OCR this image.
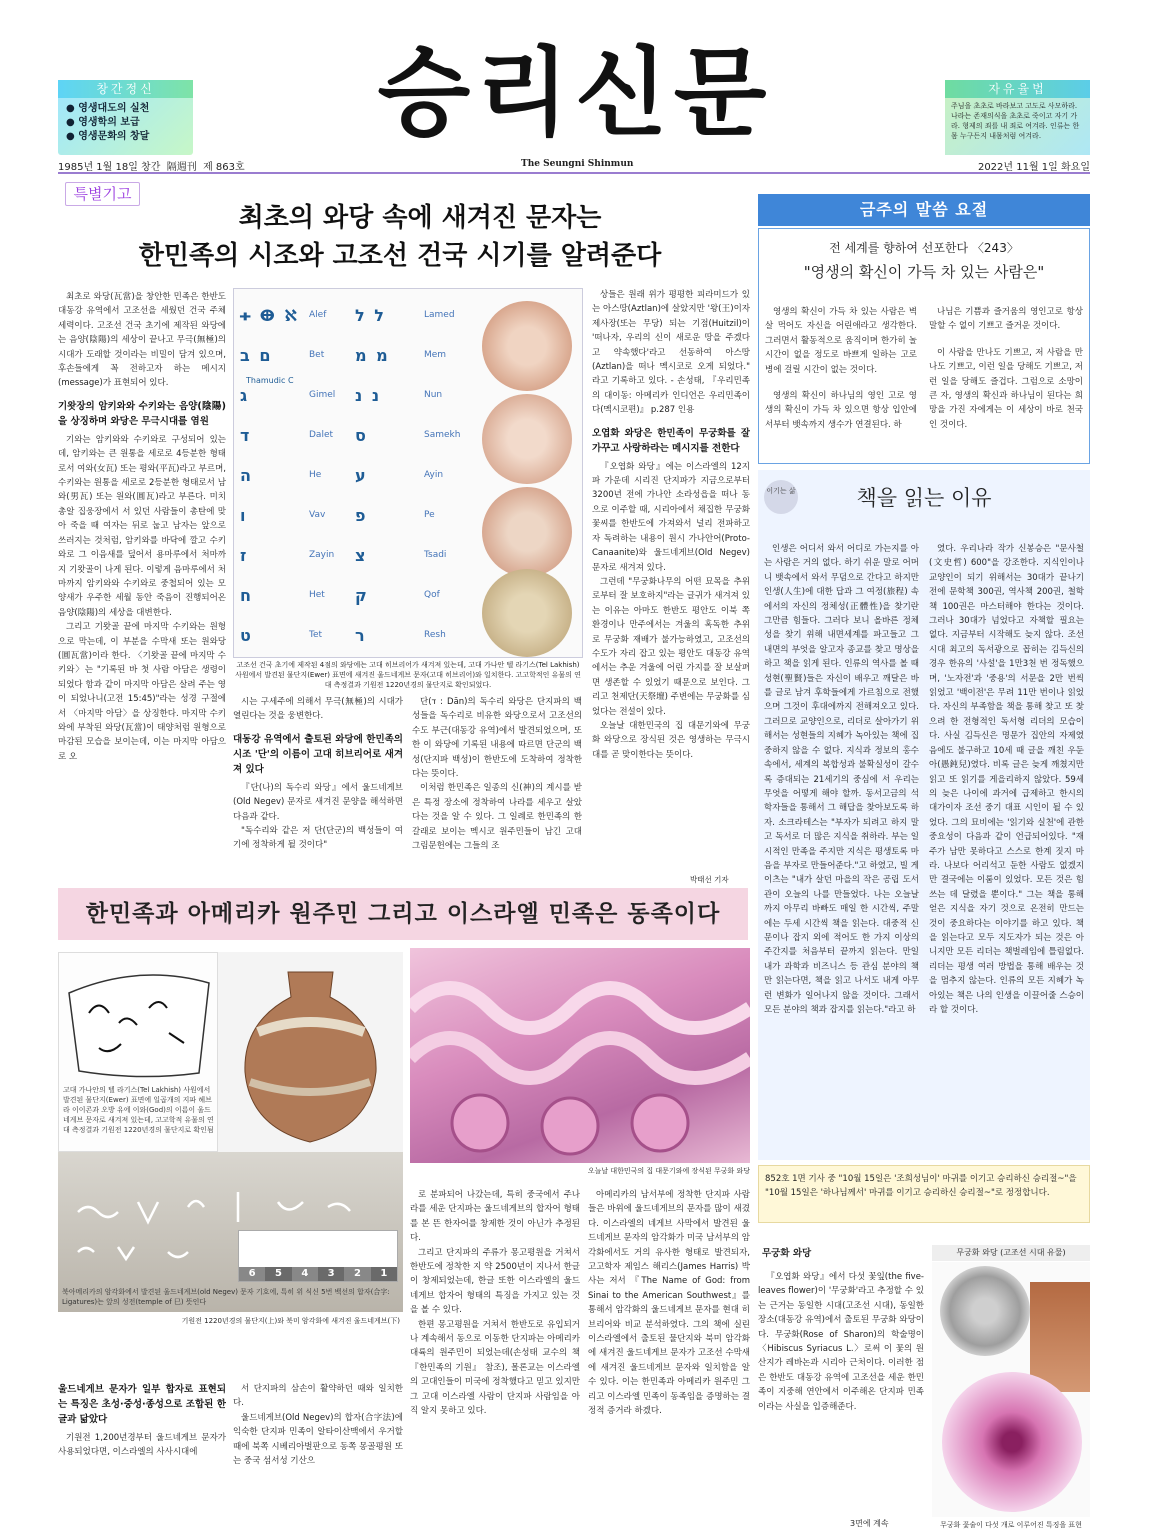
창간정신
● 영생대도의 실천
● 영생학의 보급
● 영생문화의 창달	승리신문	자유율법

주님을 초초로 바라보고 고도로 사모하라. 나라는 존재의식을 초초로 죽이고 자기 가라. 형제의 죄를 내 죄로 여겨라. 인류는 한몸 누구든지 내몸처럼 여겨라.

1985년 1월 18일 창간 隔週刊 제 863호	The Seungni Shinmun	2022년 11월 1일 화요일
특별기고
최초의 와당 속에 새겨진 문자는
한민족의 시조와 고조선 건국 시기를 알려준다

최초로 와당(瓦當)을 창안한 민족은 한반도 대동강 유역에서 고조선을 세웠던 건국 주체세력이다. 고조선 건국 초기에 제작된 와당에는 음양(陰陽)의 세상이 끝나고 무극(無極)의 시대가 도래할 것이라는 비밀이 담겨 있으며, 후손들에게 꼭 전하고자 하는 메시지(message)가 표현되어 있다.

기왓장의 암키와와 수키와는 음양(陰陽)을 상징하며 와당은 무극시대를 염원

기와는 암키와와 수키와로 구성되어 있는데, 암키와는 큰 원통을 세로로 4등분한 형태로서 여와(女瓦) 또는 평와(平瓦)라고 부르며, 수키와는 원통을 세로로 2등분한 형태로서 남와(男瓦) 또는 원와(圓瓦)라고 부른다. 미치 총알 집웅장에서 서 있던 사람들이 총탄에 맞아 죽을 때 여자는 뒤로 눕고 남자는 앞으로 쓰러지는 것처럼, 암키와를 바닥에 깔고 수키와로 그 이음새를 덮어서 용마루에서 처마까지 기왓골이 나게 된다. 이렇게 음마루에서 처마까지 암키와와 수키와로 중첩되어 있는 모양새가 우주한 세월 동안 죽음이 진행되어온 음양(陰陽)의 세상을 대변한다.

그리고 기왓골 끝에 마지막 수키와는 원형으로 막는데, 이 부분을 수막새 또는 원와당(圓瓦當)이라 한다. 〈기왓골 끝에 마지막 수키와〉는 "기록된 바 첫 사람 아담은 생령이 되었다 함과 같이 마지막 아담은 살려 주는 영이 되었나니(고전 15:45)"라는 성경 구절에서 〈마지막 아담〉을 상징한다. 마지막 수키와에 부착된 와당(瓦當)이 태양처럼 원형으로 마감된 모습을 보이는데, 이는 마지막 아담으로 오

ᚐ ⴲ ℵ	Alef	ל ל	Lamed
ם ב	Bet	מ מ	Mem
ג	Gimel	נ נ	Nun
ד	Dalet	ס	Samekh
ה	He	ע	Ayin
ו	Vav	פ	Pe
ז	Zayin	צ	Tsadi
ח	Het	ק	Qof
ט	Tet	ר	Resh
Thamudic C
고조선 건국 초기에 제작된 4점의 와당에는 고대 히브리어가 새겨져 있는데, 고대 가나안 텔 라기스(Tel Lakhish) 사원에서 발견된 물단지(Ewer) 표면에 새겨진 울드네게브 문자(고대 히브리어)와 일치한다. 고고학적인 유물의 연대 측정결과 기원전 1220년경의 물단지로 확인되었다.

시는 구세주에 의해서 무극(無極)의 시대가 열린다는 것을 웅변한다.

대동강 유역에서 출토된 와당에 한민족의 시조 '단'의 이름이 고대 히브리어로 새겨져 있다

『단(나)의 독수리 와당』에서 울드네게브(Old Negev) 문자로 새겨진 문양을 해석하면 다음과 같다.

"독수리와 같은 저 단(단군)의 백성들이 여기에 정착하게 될 것이다"

단(ד : Dān)의 독수리 와당은 단지파의 백성들을 독수리로 비유한 와당으로서 고조선의 수도 부근(대동강 유역)에서 발견되었으며, 또한 이 와당에 기록된 내용에 따르면 단군의 백성(단지파 백성)이 한반도에 도착하여 정착한다는 뜻이다.

이처럼 한민족은 일종의 신(神)의 계시를 받은 특정 장소에 정착하여 나라를 세우고 살았다는 것을 알 수 있다. 그 일례로 한민족의 한 갈래로 보이는 멕시코 원주민들이 남긴 고대 그림문헌에는 그들의 조

상들은 원래 위가 평평한 피라미드가 있는 아스땅(Aztlan)에 살았지만 '왕(王)이자 제사장(또는 무당) 되는 기점(Huitzil)이 '떠나자, 우리의 신이 새로운 땅을 주겠다고 약속했다'라고 선동하여 아스땅(Aztlan)을 떠나 멕시코로 오게 되었다." 라고 기록하고 있다. - 손성태, 『우리민족의 대이동: 아메리카 인디언은 우리민족이다(멕시코편)』 p.287 인용

오엽화 와당은 한민족이 무궁화를 잘 가꾸고 사랑하라는 메시지를 전한다

『오엽화 와당』에는 이스라엘의 12지파 가운데 시리진 단지파가 지금으로부터 3200년 전에 가나안 소라성읍을 떠나 동으로 이주할 때, 시리아에서 채집한 무궁화 꽃씨를 한반도에 가져와서 널리 전파하고자 독려하는 내용이 원시 가나안어(Proto-Canaanite)와 울드네게브(Old Negev) 문자로 새겨져 있다.

그런데 "무궁화나무의 어떤 묘목을 추위로부터 잘 보호하지"라는 글귀가 새겨져 있는 이유는 아마도 한반도 평안도 이북 쪽 환경이나 만주에서는 겨울의 혹독한 추위로 무궁화 재배가 불가능하였고, 고조선의 수도가 자리 잡고 있는 평안도 대동강 유역에서는 추운 겨울에 어린 가지를 잘 보살펴면 생존할 수 있었기 때문으로 보인다. 그리고 천제단(天祭壇) 주변에는 무궁화를 심었다는 전설이 있다.

오늘날 대한민국의 집 대문기와에 무궁화 와당으로 장식된 것은 영생하는 무극시대를 곧 맞이한다는 뜻이다.

박태선 기자
한민족과 아메리카 원주민 그리고 이스라엘 민족은 동족이다
고대 가나안의 텔 라기스(Tel Lakhish) 사원에서 발견된 물단지(Ewer) 표면에 일곱개의 지파 헤브라 이이콘과 오방 유에 이와(God)의 이름이 울드네게브 문자로 새겨져 있는데, 고고학적 유물의 연대 측정결과 기원전 1220년경의 물단지로 확인됨
6	5	4	3	2	1
북아메리카의 암각화에서 발견된 울드네게브(old Negev) 문자 기호에, 특히 위 식신 5번 백선의 합자(合字: Ligatures)는 앞의 성전(temple of 巳) 뜻인다
기원전 1220년경의 물단지(上)와 북미 암각화에 새겨진 울드네게브(下)
오늘날 대한민국의 집 대문기와에 장식된 무궁화 와당
울드네게브 문자가 일부 합자로 표현되는 특징은 초성·중성·종성으로 조합된 한글과 닮았다

기원전 1,200년경부터 울드네게브 문자가 사용되었다면, 이스라엘의 사사시대에

서 단지파의 삼손이 활약하던 때와 일치한다.

울드네게브(Old Negev)의 합자(合字法)에 익숙한 단지파 민족이 알타이산맥에서 우거할 때에 북쪽 시베리아벌판으로 동쪽 몽골평원 또는 중국 섬서성 기산으

로 분파되어 나갔는데, 특히 중국에서 주나라를 세운 단지파는 울드네게브의 합자어 형태를 본 뜬 한자어를 창제한 것이 아닌가 추정된다.

그리고 단지파의 주류가 몽고평원을 거쳐서 한반도에 정착한 지 약 2500년이 지나서 한글이 창제되었는데, 한글 또한 이스라엘의 울드네게브 합자어 형태의 특징을 가지고 있는 것을 볼 수 있다.

한편 몽고평원을 거쳐서 한반도로 유입되거나 계속해서 동으로 이동한 단지파는 아메리카대륙의 원주민이 되었는데(손성태 교수의 책 『한민족의 기원』 참조), 몰론교는 이스라엘의 고대인들이 미국에 정착했다고 믿고 있지만 그 고대 이스라엘 사람이 단지파 사람임을 아직 알지 못하고 있다.

아메리카의 남서부에 정착한 단지파 사람들은 바위에 울드네게브의 문자를 많이 새겼다. 이스라엘의 네게브 사막에서 발견된 울드네게브 문자의 암각화가 미국 남서부의 암각화에서도 거의 유사한 형태로 발견되자, 고고학자 제임스 해리스(James Harris) 박사는 저서 『The Name of God: from Sinai to the American Southwest』를 통해서 암각화의 울드네게브 문자를 현대 히브리어와 비교 분석하였다. 그의 책에 실린 이스라엘에서 출토된 물단지와 북미 암각화에 새겨진 울드네게브 문자가 고조선 수막새에 새겨진 울드네게브 문자와 일치함을 알 수 있다. 이는 한민족과 아메리카 원주민 그리고 이스라엘 민족이 동족임을 증명하는 결정적 증거라 하겠다.

금주의 말씀 요절
전 세계를 향하여 선포한다 〈243〉
"영생의 확신이 가득 차 있는 사람은"

영생의 확신이 가득 차 있는 사람은 벽 살 먹어도 자신을 어린애라고 생각한다. 그러면서 활동적으로 움직이며 한가히 놀 시간이 없을 정도로 바쁘게 일하는 고로 병에 걸릴 시간이 없는 것이다.

영생의 확신이 하나님의 영인 고로 영생의 확신이 가득 차 있으면 항상 입안에서부터 뱃속까지 생수가 연결된다. 하

나님은 기쁨과 즐거움의 영인고로 항상 말할 수 없이 기쁘고 즐거운 것이다.

이 사람을 만나도 기쁘고, 저 사람을 만나도 기쁘고, 이런 일을 당해도 기쁘고, 저런 일을 당해도 즐겁다. 그럼으로 소망이 큰 자, 영생의 확신과 하나님이 된다는 희망을 가진 자에게는 이 세상이 바로 천국인 것이다.

이기는 삶	책을 읽는 이유

인생은 어디서 와서 어디로 가는지를 아는 사람은 거의 없다. 하기 쉬운 말로 어머니 뱃속에서 와서 무덤으로 간다고 하지만 인생(人生)에 대한 답과 그 여정(旅程) 속에서의 자신의 정체성(正體性)을 찾기란 그만큼 힘들다. 그러다 보니 올바른 정체성을 찾기 위해 내면세계를 파고들고 그 내면의 부엇을 알고자 종교를 찾고 명상을 하고 책을 읽게 된다. 인류의 역사를 볼 때 성현(聖賢)들은 자신이 배우고 깨달은 바를 글로 남겨 후학들에게 가르침으로 전했으며 그것이 후대에까지 전해져오고 있다. 그러므로 교양인으로, 리더로 살아가기 위해서는 성현들의 지혜가 녹아있는 책에 집중하지 않을 수 없다. 지식과 정보의 홍수 속에서, 세계의 복합성과 불확실성이 갈수록 증대되는 21세기의 중심에 서 우리는 무엇을 어떻게 해야 할까. 동서고금의 석학자들을 통해서 그 해답을 찾아보도록 하자. 소크라테스는 "부자가 되려고 하지 말고 독서로 더 많은 지식을 취하라. 부는 일시적인 만족을 주지만 지식은 평생토록 마음을 부자로 만들어준다."고 하였고, 빌 게이츠는 "내가 살던 마을의 작은 공립 도서관이 오늘의 나를 만들었다. 나는 오늘날까지 아무리 바빠도 매일 한 시간씩, 주말에는 두세 시간씩 책을 읽는다. 대중적 신문이나 잡지 외에 적어도 한 가지 이상의 주간지를 처음부터 끝까지 읽는다. 만일 내가 과학과 비즈니스 등 관심 분야의 책만 읽는다면, 책을 읽고 나서도 내게 아무런 변화가 일어나지 않을 것이다. 그래서 모든 분야의 책과 잡지를 읽는다."라고 하

였다. 우리나라 작가 신봉승은 "문사철(文史哲) 600"을 강조한다. 지식인이나 교양인이 되기 위해서는 30대가 끝나기 전에 문학책 300권, 역사책 200권, 철학책 100권은 마스터해야 한다는 것이다. 그러나 30대가 넘었다고 자책할 필요는 없다. 지금부터 시작해도 늦지 않다. 조선시대 최고의 독서광으로 꼽히는 김득신의 경우 한유의 '사설'을 1만3천 번 정독했으며, '노자전'과 '중용'의 서문을 2만 번씩 읽었고 '백이전'은 무려 11만 번이나 읽었다. 자신의 부족함을 책을 통해 찾고 또 찾으려 한 전형적인 독서형 리더의 모습이다. 사실 김득신은 명문가 집안의 자제였음에도 불구하고 10세 때 글을 깨친 우둔아(愚鈍兒)였다. 비록 글은 늦게 깨쳤지만 읽고 또 읽기를 게을리하지 않았다. 59세의 늦은 나이에 과거에 급제하고 한시의 대가이자 조선 중기 대표 시인이 될 수 있었다. 그의 묘비에는 '읽기와 실천'에 관한 중요성이 다음과 같이 언급되어있다. "재주가 남만 못하다고 스스로 한계 짓지 마라. 나보다 어리석고 둔한 사람도 없겠지만 결국에는 이룸이 있었다. 모든 것은 힘쓰는 데 달렸을 뿐이다." 그는 책을 통해 얻은 지식을 자기 것으로 온전히 만드는 것이 중요하다는 이야기를 하고 있다. 책을 읽는다고 모두 지도자가 되는 것은 아니지만 모든 리더는 책벌레임에 틀림없다. 리더는 평생 여러 방법을 통해 배우는 것을 멈추지 않는다. 인류의 모든 지혜가 녹아있는 책은 나의 인생을 이끌어줄 스승이라 할 것이다.

852호 1면 기사 중 "10월 15일은 '조희성님이' 마귀를 이기고 승리하신 승리절~"을 "10월 15일은 '하나님께서' 마귀를 이기고 승리하신 승리절~"로 정정합니다.
무궁화 와당

『오엽화 와당』에서 다섯 꽃잎(the five-leaves flower)이 '무궁화'라고 추정할 수 있는 근거는 동일한 시대(고조선 시대), 동일한 장소(대동강 유역)에서 출토된 무궁화 와당이다. 무궁화(Rose of Sharon)의 학술명이 〈Hibiscus Syriacus L.〉로써 이 꽃의 원산지가 레바논과 시리아 근처이다. 이러한 점은 한반도 대동강 유역에 고조선을 세운 한민족이 지중해 연안에서 이주해온 단지파 민족이라는 사실을 입증해준다.

3면에 계속
무궁화 와당 (고조선 시대 유물)
무궁화 꽃술이 다섯 개로 이루어진 특징을 표현
